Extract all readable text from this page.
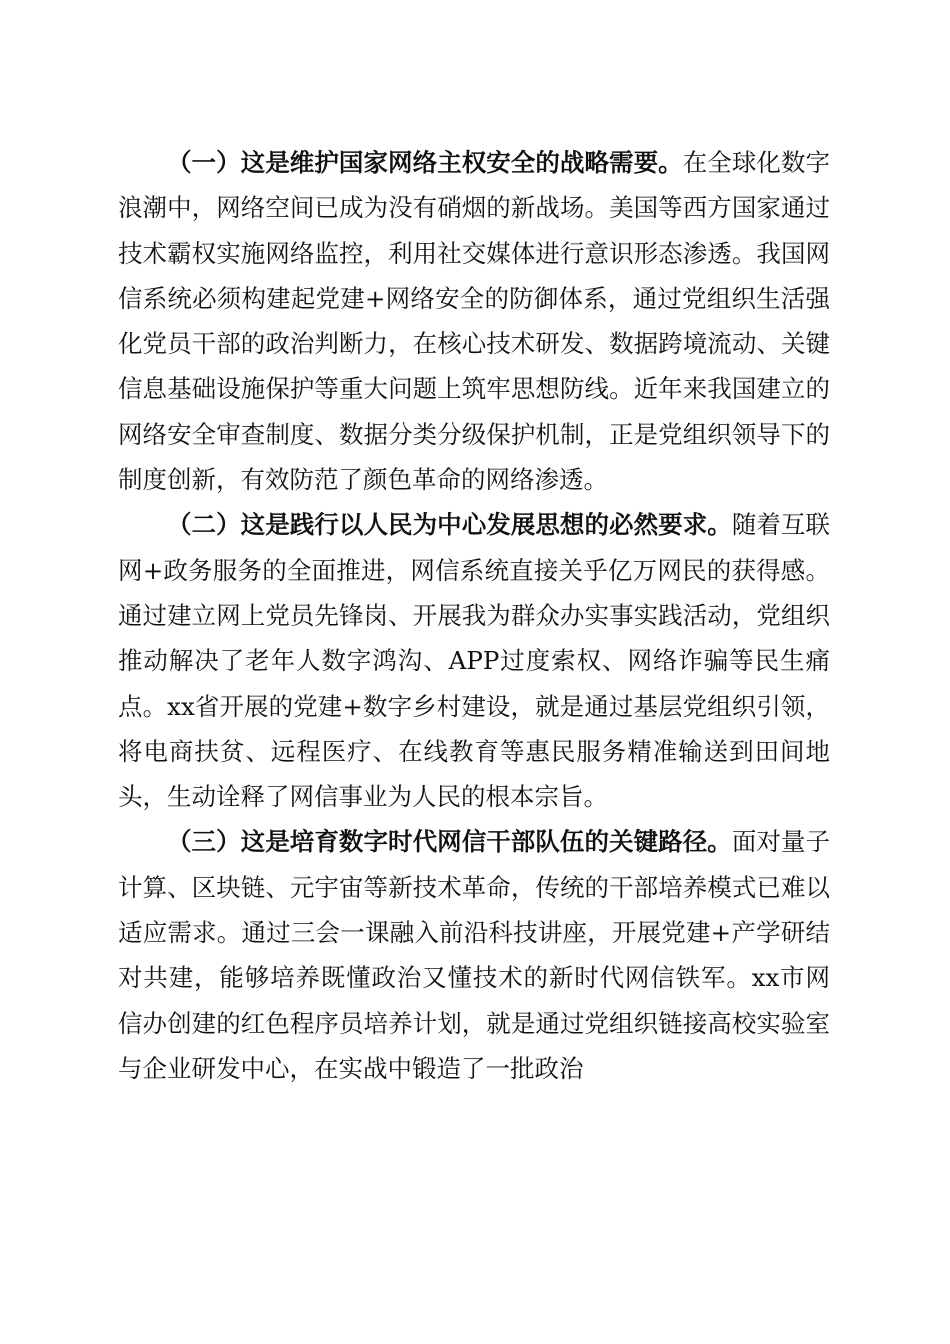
（一）这是维护国家网络主权安全的战略需要。在全球化数字浪潮中，网络空间已成为没有硝烟的新战场。美国等西方国家通过技术霸权实施网络监控，利用社交媒体进行意识形态渗透。我国网信系统必须构建起党建+网络安全的防御体系，通过党组织生活强化党员干部的政治判断力，在核心技术研发、数据跨境流动、关键信息基础设施保护等重大问题上筑牢思想防线。近年来我国建立的网络安全审查制度、数据分类分级保护机制，正是党组织领导下的制度创新，有效防范了颜色革命的网络渗透。

（二）这是践行以人民为中心发展思想的必然要求。随着互联网+政务服务的全面推进，网信系统直接关乎亿万网民的获得感。通过建立网上党员先锋岗、开展我为群众办实事实践活动，党组织推动解决了老年人数字鸿沟、APP过度索权、网络诈骗等民生痛点。xx省开展的党建+数字乡村建设，就是通过基层党组织引领，将电商扶贫、远程医疗、在线教育等惠民服务精准输送到田间地头，生动诠释了网信事业为人民的根本宗旨。

（三）这是培育数字时代网信干部队伍的关键路径。面对量子计算、区块链、元宇宙等新技术革命，传统的干部培养模式已难以适应需求。通过三会一课融入前沿科技讲座，开展党建+产学研结对共建，能够培养既懂政治又懂技术的新时代网信铁军。xx市网信办创建的红色程序员培养计划，就是通过党组织链接高校实验室与企业研发中心，在实战中锻造了一批政治
